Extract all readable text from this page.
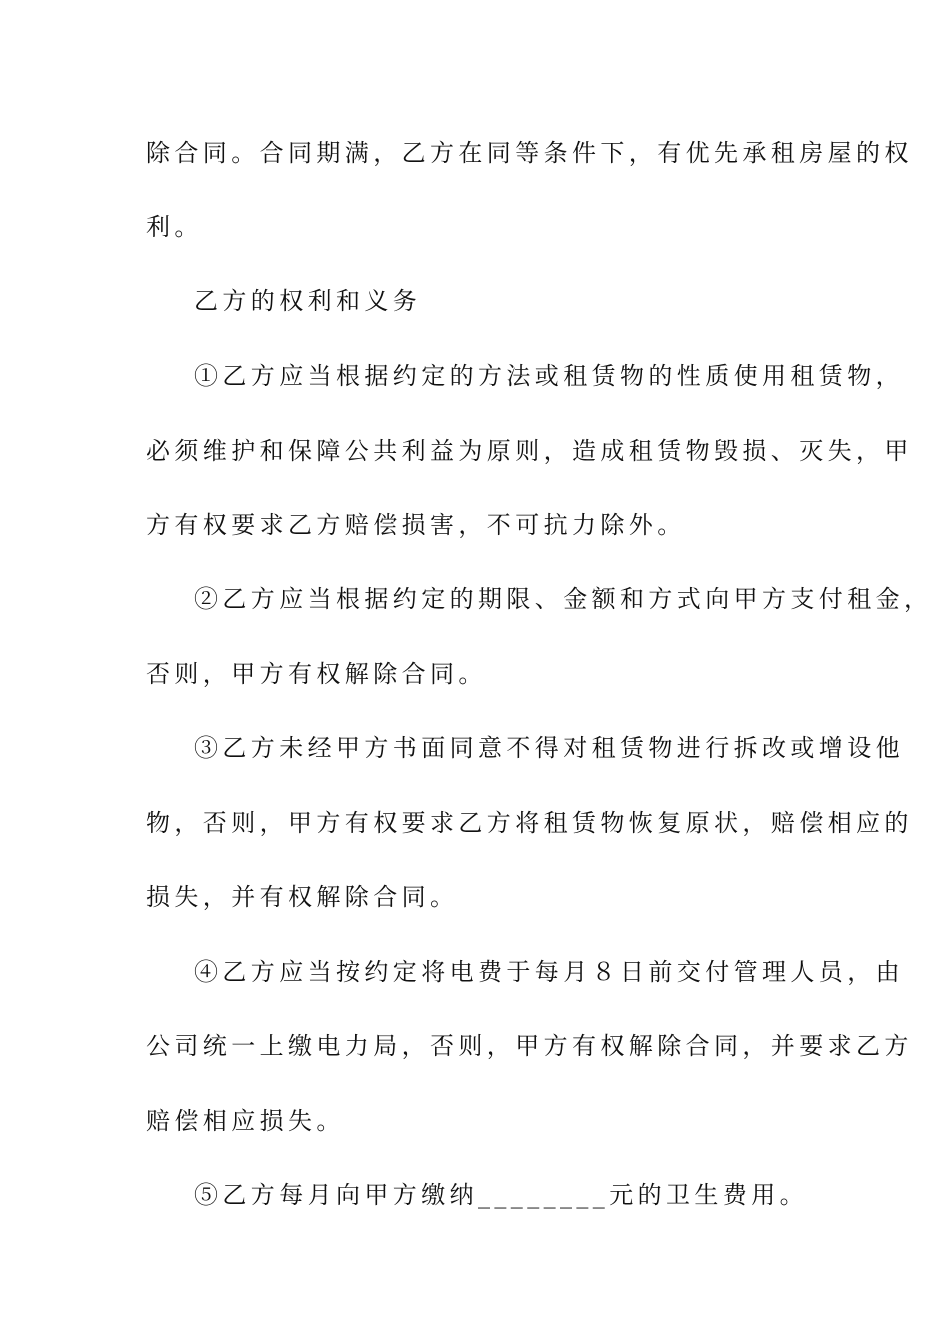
除合同。合同期满，乙方在同等条件下，有优先承租房屋的权
利。
乙方的权利和义务
①乙方应当根据约定的方法或租赁物的性质使用租赁物，
必须维护和保障公共利益为原则，造成租赁物毁损、灭失，甲
方有权要求乙方赔偿损害，不可抗力除外。
②乙方应当根据约定的期限、金额和方式向甲方支付租金，
否则，甲方有权解除合同。
③乙方未经甲方书面同意不得对租赁物进行拆改或增设他
物，否则，甲方有权要求乙方将租赁物恢复原状，赔偿相应的
损失，并有权解除合同。
④乙方应当按约定将电费于每月８日前交付管理人员，由
公司统一上缴电力局，否则，甲方有权解除合同，并要求乙方
赔偿相应损失。
⑤乙方每月向甲方缴纳________元的卫生费用。
